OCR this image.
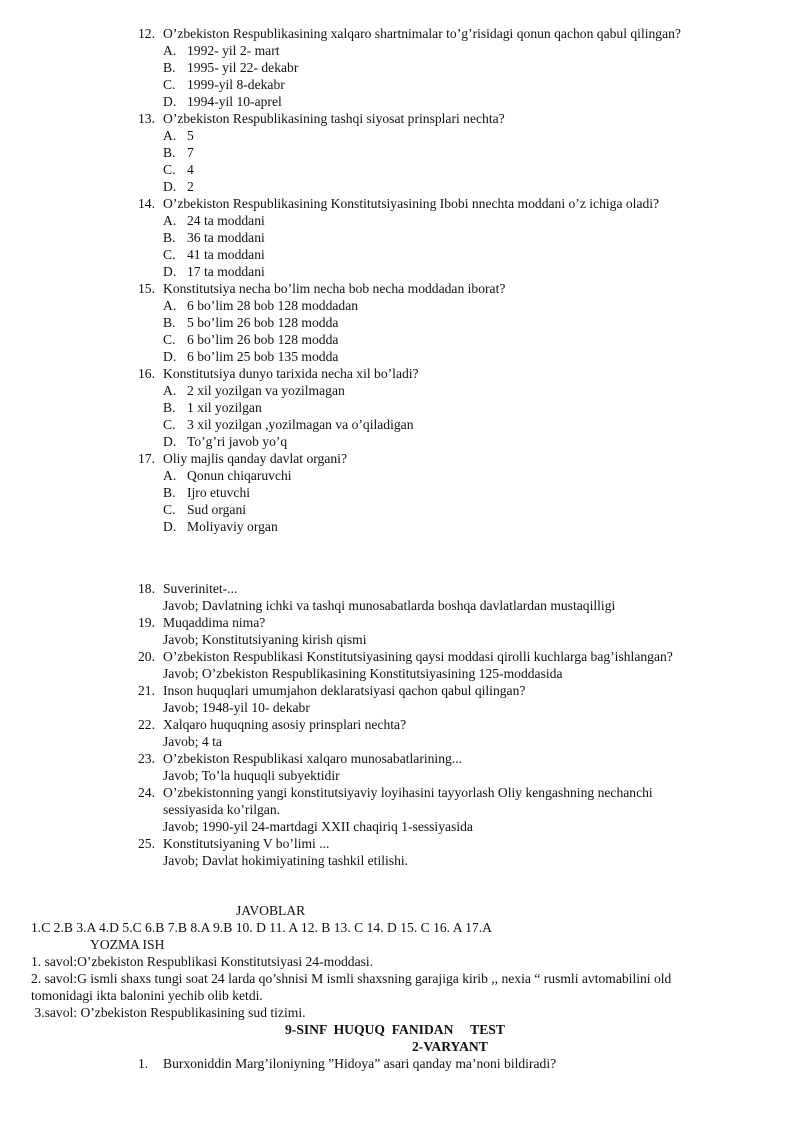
12. O’zbekiston Respublikasining xalqaro shartnimalar to’g’risidagi qonun qachon qabul qilingan?
A. 1992- yil 2- mart
B. 1995- yil 22- dekabr
C. 1999-yil 8-dekabr
D. 1994-yil 10-aprel
13. O’zbekiston Respublikasining tashqi siyosat prinsplari nechta?
A. 5
B. 7
C. 4
D. 2
14. O’zbekiston Respublikasining Konstitutsiyasining Ibobi nnechta moddani o’z ichiga oladi?
A. 24 ta moddani
B. 36 ta moddani
C. 41 ta moddani
D. 17 ta moddani
15. Konstitutsiya necha bo’lim necha bob necha moddadan iborat?
A. 6 bo’lim 28 bob 128 moddadan
B. 5 bo’lim 26 bob 128 modda
C. 6 bo’lim 26 bob 128 modda
D. 6 bo’lim 25 bob 135 modda
16. Konstitutsiya dunyo tarixida necha xil bo’ladi?
A. 2 xil yozilgan va yozilmagan
B. 1 xil yozilgan
C. 3 xil yozilgan ,yozilmagan va o’qiladigan
D. To’g’ri javob yo’q
17. Oliy majlis qanday davlat organi?
A. Qonun chiqaruvchi
B. Ijro etuvchi
C. Sud organi
D. Moliyaviy organ
18. Suverinitet-...
Javob; Davlatning ichki va tashqi munosabatlarda boshqa davlatlardan mustaqilligi
19. Muqaddima nima?
Javob; Konstitutsiyaning kirish qismi
20. O’zbekiston Respublikasi Konstitutsiyasining qaysi moddasi qirolli kuchlarga bag’ishlangan?
Javob; O’zbekiston Respublikasining Konstitutsiyasining 125-moddasida
21. Inson huquqlari umumjahon deklaratsiyasi qachon qabul qilingan?
Javob; 1948-yil 10- dekabr
22. Xalqaro huquqning asosiy prinsplari nechta?
Javob; 4 ta
23. O’zbekiston Respublikasi xalqaro munosabatlarining...
Javob; To’la huquqli subyektidir
24. O’zbekistonning yangi konstitutsiyaviy loyihasini tayyorlash Oliy kengashning nechanchi
sessiyasida ko’rilgan.
Javob; 1990-yil 24-martdagi XXII chaqiriq 1-sessiyasida
25. Konstitutsiyaning V bo’limi ...
Javob; Davlat hokimiyatining tashkil etilishi.
JAVOBLAR
1.C 2.B 3.A 4.D 5.C 6.B 7.B 8.A 9.B 10. D 11. A 12. B 13. C 14. D 15. C 16. A 17.A
YOZMA ISH
1. savol:O’zbekiston Respublikasi Konstitutsiyasi 24-moddasi.
2. savol:G ismli shaxs tungi soat 24 larda qo’shnisi M ismli shaxsning garajiga kirib ,, nexia “ rusmli avtomabilini old
tomonidagi ikta balonini yechib olib ketdi.
3.savol: O’zbekiston Respublikasining sud tizimi.
9-SINF  HUQUQ  FANIDAN     TEST
2-VARYANT
1. Burxoniddin Marg’iloniyning ”Hidoya” asari qanday ma’noni bildiradi?
